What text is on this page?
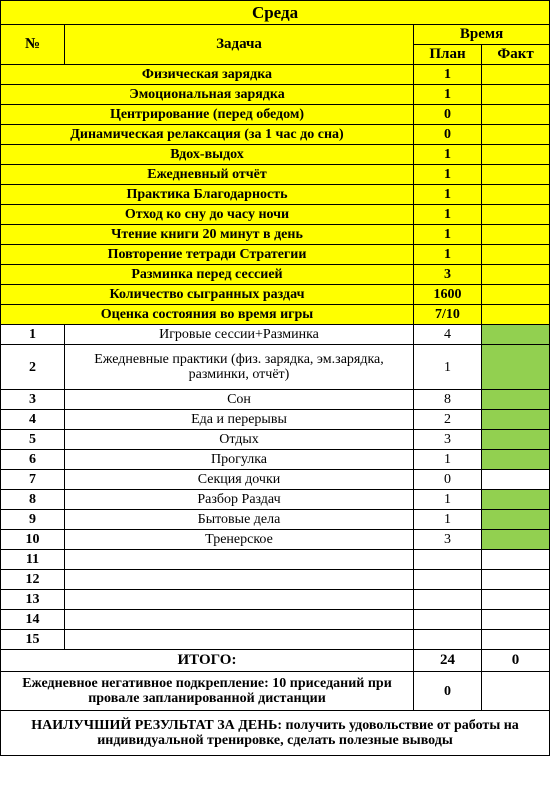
Среда			
№	Задача	Время	
		План	Факт
Физическая зарядка		1	
Эмоциональная зарядка		1	
Центрирование (перед обедом)		0	
Динамическая релаксация (за 1 час до сна)		0	
Вдох-выдох		1	
Ежедневный отчёт		1	
Практика Благодарность		1	
Отход ко сну до часу ночи		1	
Чтение книги 20 минут в день		1	
Повторение тетради Стратегии		1	
Разминка перед сессией		3	
Количество сыгранных раздач		1600	
Оценка состояния во время игры		7/10	
1	Игровые сессии+Разминка	4	
2	Ежедневные практики (физ. зарядка, эм.зарядка, разминки, отчёт)	1	
3	Сон	8	
4	Еда и перерывы	2	
5	Отдых	3	
6	Прогулка	1	
7	Секция дочки	0	
8	Разбор Раздач	1	
9	Бытовые дела	1	
10	Тренерское	3	
11			
12			
13			
14			
15			
ИТОГО:		24	0
Ежедневное негативное подкрепление: 10 приседаний при провале запланированной дистанции		0	
НАИЛУЧШИЙ РЕЗУЛЬТАТ ЗА ДЕНЬ: получить удовольствие от работы на индивидуальной тренировке, сделать полезные выводы			
